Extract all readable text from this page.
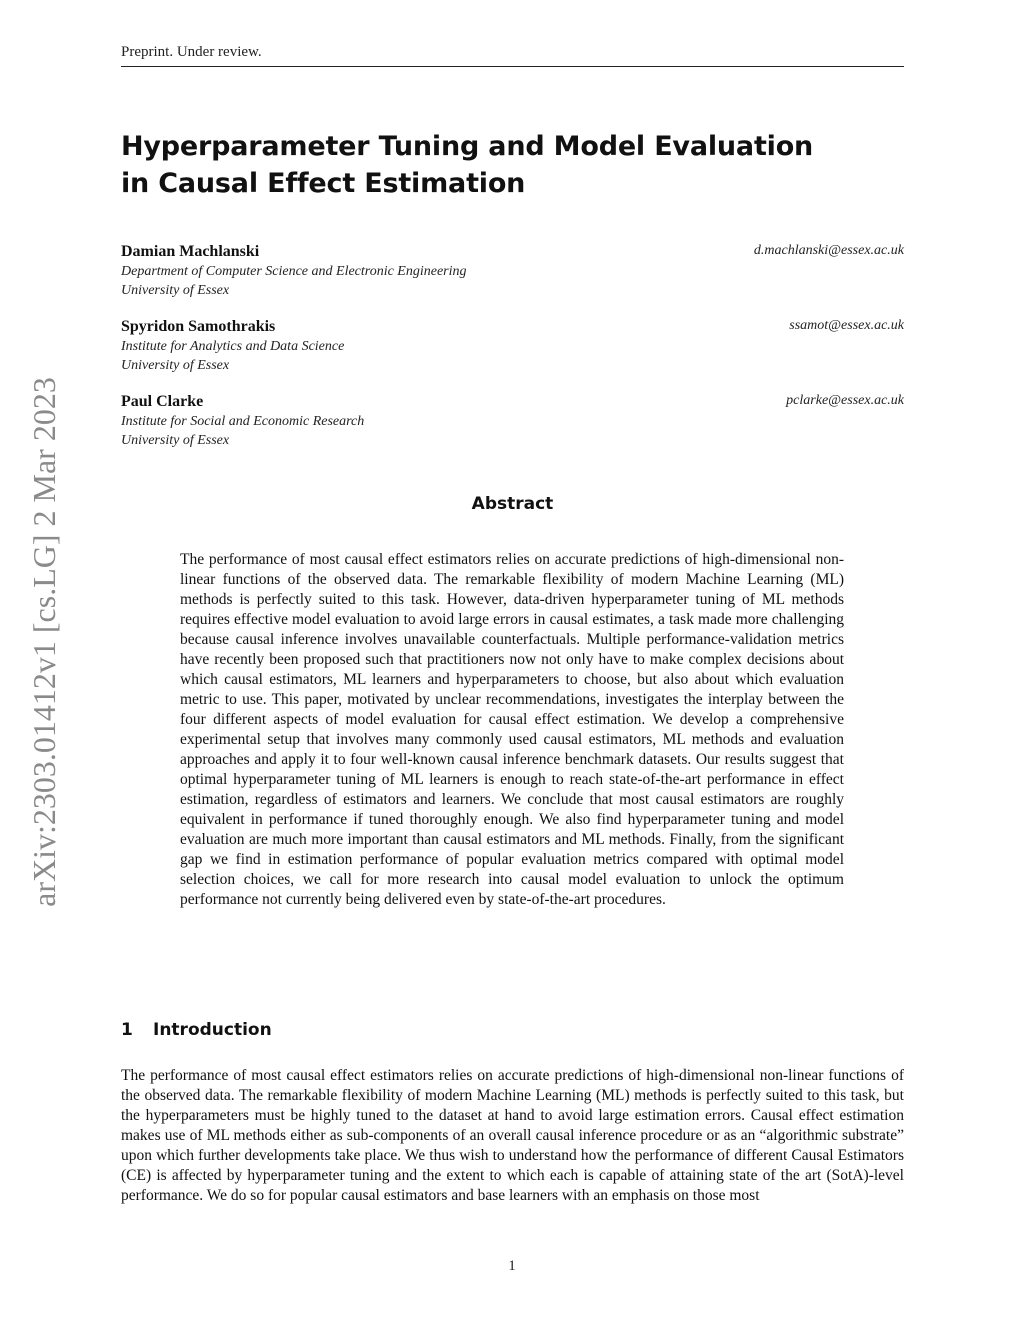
Preprint. Under review.
arXiv:2303.01412v1 [cs.LG] 2 Mar 2023
Hyperparameter Tuning and Model Evaluation
in Causal Effect Estimation
Damian Machlanski
Department of Computer Science and Electronic Engineering
University of Essex
d.machlanski@essex.ac.uk
Spyridon Samothrakis
Institute for Analytics and Data Science
University of Essex
ssamot@essex.ac.uk
Paul Clarke
Institute for Social and Economic Research
University of Essex
pclarke@essex.ac.uk
Abstract
The performance of most causal effect estimators relies on accurate predictions of high-dimensional non-linear functions of the observed data. The remarkable flexibility of modern Machine Learning (ML) methods is perfectly suited to this task. However, data-driven hyperparameter tuning of ML methods requires effective model evaluation to avoid large errors in causal estimates, a task made more challenging because causal inference involves unavailable counterfactuals. Multiple performance-validation metrics have recently been proposed such that practitioners now not only have to make complex decisions about which causal estimators, ML learners and hyperparameters to choose, but also about which evaluation metric to use. This paper, motivated by unclear recommendations, investigates the interplay between the four different aspects of model evaluation for causal effect estimation. We develop a comprehensive experimental setup that involves many commonly used causal estimators, ML methods and evaluation approaches and apply it to four well-known causal inference benchmark datasets. Our results suggest that optimal hyperparameter tuning of ML learners is enough to reach state-of-the-art performance in effect estimation, regardless of estimators and learners. We conclude that most causal estimators are roughly equivalent in performance if tuned thoroughly enough. We also find hyperparameter tuning and model evaluation are much more important than causal estimators and ML methods. Finally, from the significant gap we find in estimation performance of popular evaluation metrics compared with optimal model selection choices, we call for more research into causal model evaluation to unlock the optimum performance not currently being delivered even by state-of-the-art procedures.
1 Introduction
The performance of most causal effect estimators relies on accurate predictions of high-dimensional non-linear functions of the observed data. The remarkable flexibility of modern Machine Learning (ML) methods is perfectly suited to this task, but the hyperparameters must be highly tuned to the dataset at hand to avoid large estimation errors. Causal effect estimation makes use of ML methods either as sub-components of an overall causal inference procedure or as an “algorithmic substrate” upon which further developments take place. We thus wish to understand how the performance of different Causal Estimators (CE) is affected by hyperparameter tuning and the extent to which each is capable of attaining state of the art (SotA)-level performance. We do so for popular causal estimators and base learners with an emphasis on those most
1
